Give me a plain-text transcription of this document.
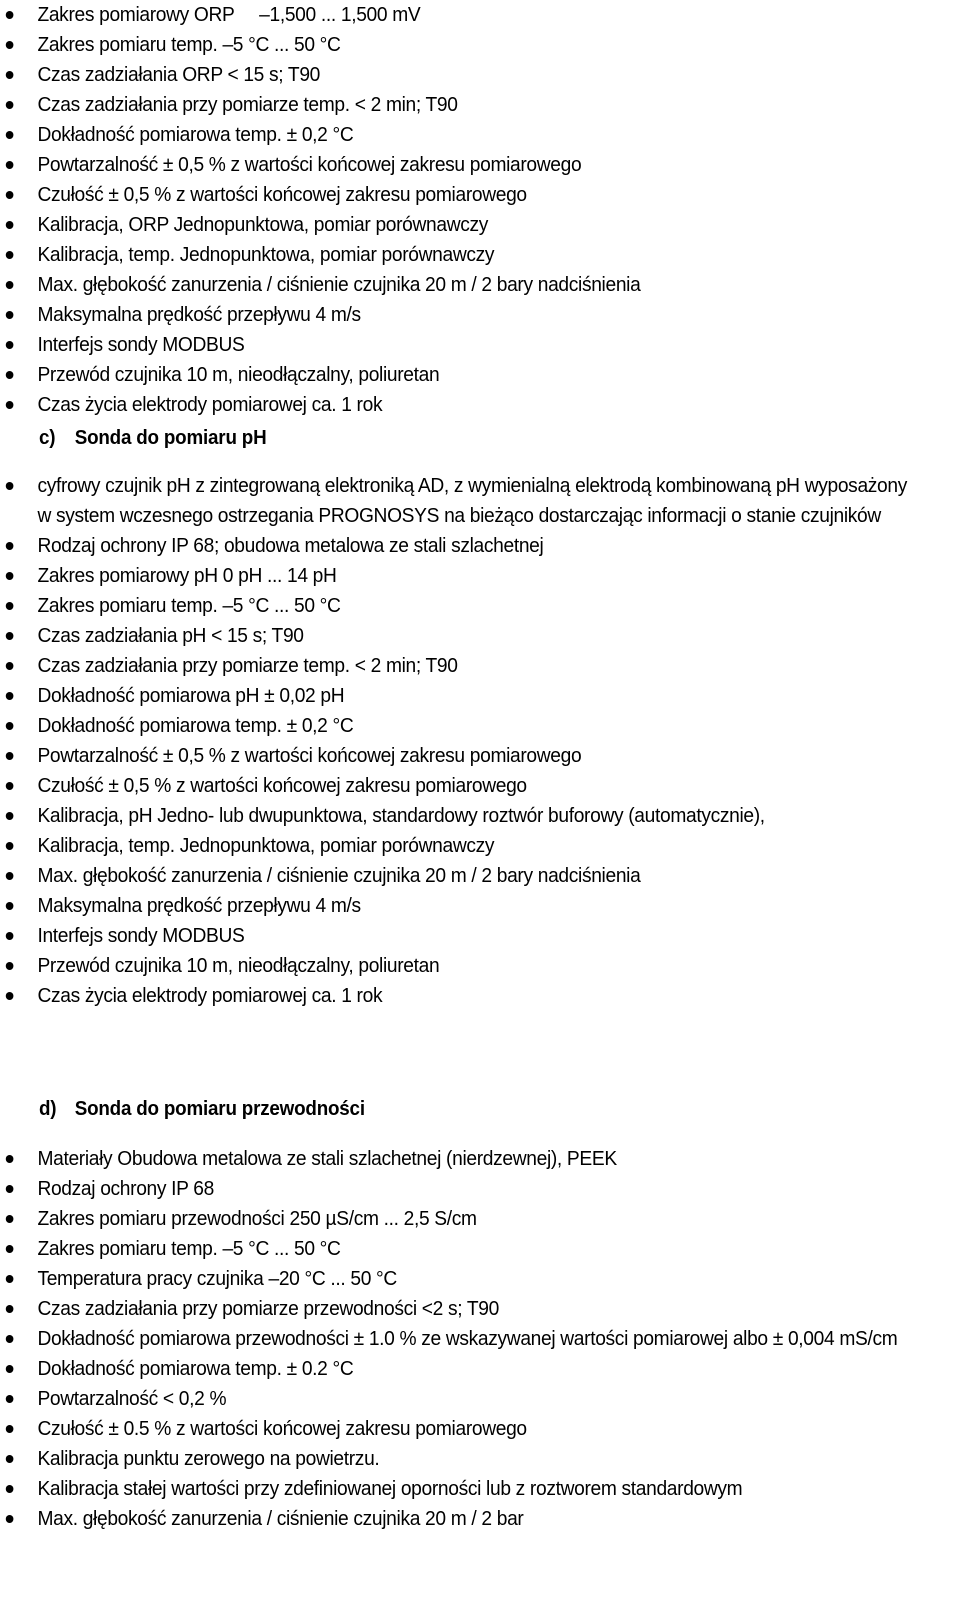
Zakres pomiarowy ORP     –1,500 ... 1,500 mV
Zakres pomiaru temp. –5 °C ... 50 °C
Czas zadziałania ORP < 15 s; T90
Czas zadziałania przy pomiarze temp. < 2 min; T90
Dokładność pomiarowa temp. ± 0,2 °C
Powtarzalność ± 0,5 % z wartości końcowej zakresu pomiarowego
Czułość ± 0,5 % z wartości końcowej zakresu pomiarowego
Kalibracja, ORP Jednopunktowa, pomiar porównawczy
Kalibracja, temp. Jednopunktowa, pomiar porównawczy
Max. głębokość zanurzenia / ciśnienie czujnika 20 m / 2 bary nadciśnienia
Maksymalna prędkość przepływu 4 m/s
Interfejs sondy MODBUS
Przewód czujnika 10 m, nieodłączalny, poliuretan
Czas życia elektrody pomiarowej ca. 1 rok
c) Sonda do pomiaru pH
cyfrowy czujnik pH z zintegrowaną elektroniką AD, z wymienialną elektrodą kombinowaną pH wyposażony w system wczesnego ostrzegania PROGNOSYS na bieżąco dostarczając informacji o stanie czujników
Rodzaj ochrony IP 68; obudowa metalowa ze stali szlachetnej
Zakres pomiarowy pH 0 pH ... 14 pH
Zakres pomiaru temp. –5 °C ... 50 °C
Czas zadziałania pH < 15 s; T90
Czas zadziałania przy pomiarze temp. < 2 min; T90
Dokładność pomiarowa pH ± 0,02 pH
Dokładność pomiarowa temp. ± 0,2 °C
Powtarzalność ± 0,5 % z wartości końcowej zakresu pomiarowego
Czułość ± 0,5 % z wartości końcowej zakresu pomiarowego
Kalibracja, pH Jedno- lub dwupunktowa, standardowy roztwór buforowy (automatycznie),
Kalibracja, temp. Jednopunktowa, pomiar porównawczy
Max. głębokość zanurzenia / ciśnienie czujnika 20 m / 2 bary nadciśnienia
Maksymalna prędkość przepływu 4 m/s
Interfejs sondy MODBUS
Przewód czujnika 10 m, nieodłączalny, poliuretan
Czas życia elektrody pomiarowej ca. 1 rok
d) Sonda do pomiaru przewodności
Materiały Obudowa metalowa ze stali szlachetnej (nierdzewnej), PEEK
Rodzaj ochrony IP 68
Zakres pomiaru przewodności 250 µS/cm ... 2,5 S/cm
Zakres pomiaru temp. –5 °C ... 50 °C
Temperatura pracy czujnika –20 °C ... 50 °C
Czas zadziałania przy pomiarze przewodności <2 s; T90
Dokładność pomiarowa przewodności ± 1.0 % ze wskazywanej wartości pomiarowej albo ± 0,004 mS/cm
Dokładność pomiarowa temp. ± 0.2 °C
Powtarzalność < 0,2 %
Czułość ± 0.5 % z wartości końcowej zakresu pomiarowego
Kalibracja punktu zerowego na powietrzu.
Kalibracja stałej wartości przy zdefiniowanej oporności lub z roztworem standardowym
Max. głębokość zanurzenia / ciśnienie czujnika 20 m / 2 bar
